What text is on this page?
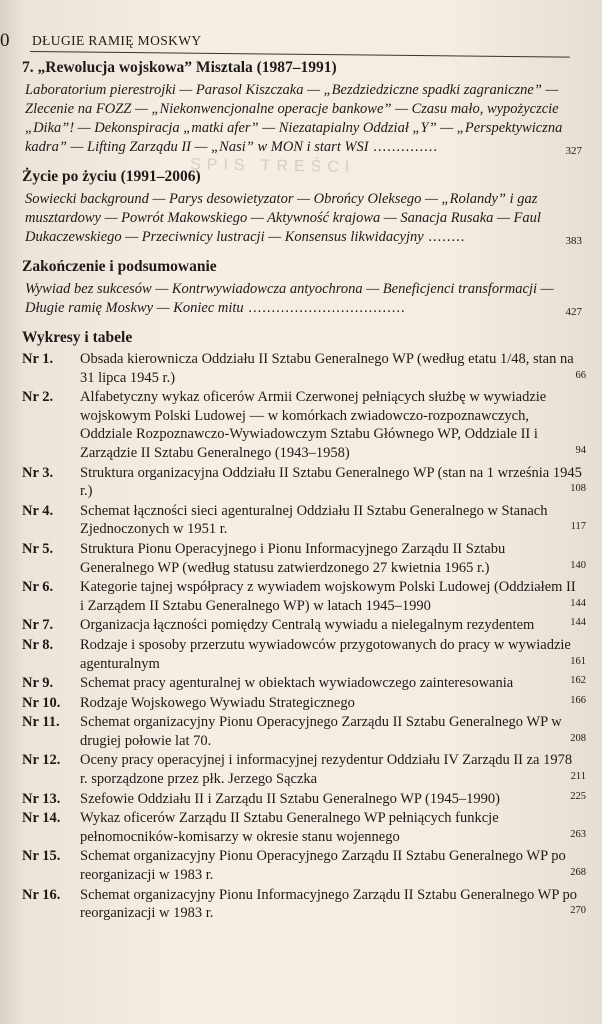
0 DŁUGIE RAMIĘ MOSKWY
SPIS TREŚCI

7. „Rewolucja wojskowa” Misztala (1987–1991)

Laboratorium pierestrojki — Parasol Kiszczaka — „Bezdziedziczne spadki zagraniczne” — Zlecenie na FOZZ — „Niekonwencjonalne operacje bankowe” — Czasu mało, wypożyczcie „Dika”! — Dekonspiracja „matki afer” — Niezatapialny Oddział „Y” — „Perspektywiczna kadra” — Lifting Zarządu II — „Nasi” w MON i start WSI ..............	327

Życie po życiu (1991–2006)

Sowiecki background — Parys desowietyzator — Obrońcy Oleksego — „Rolandy” i gaz musztardowy — Powrót Makowskiego — Aktywność krajowa — Sanacja Rusaka — Faul Dukaczewskiego — Przeciwnicy lustracji — Konsensus likwidacyjny ........	383

Zakończenie i podsumowanie

Wywiad bez sukcesów — Kontrwywiadowcza antyochrona — Beneficjenci transformacji — Długie ramię Moskwy — Koniec mitu ..................................	427

Wykresy i tabele

Nr 1. Obsada kierownicza Oddziału II Sztabu Generalnego WP (według etatu 1/48, stan na 31 lipca 1945 r.)	66
Nr 2. Alfabetyczny wykaz oficerów Armii Czerwonej pełniących służbę w wywiadzie wojskowym Polski Ludowej — w komórkach zwiadowczo-rozpoznawczych, Oddziale Rozpoznawczo-Wywiadowczym Sztabu Głównego WP, Oddziale II i Zarządzie II Sztabu Generalnego (1943–1958)	94
Nr 3. Struktura organizacyjna Oddziału II Sztabu Generalnego WP (stan na 1 września 1945 r.)	108
Nr 4. Schemat łączności sieci agenturalnej Oddziału II Sztabu Generalnego w Stanach Zjednoczonych w 1951 r.	117
Nr 5. Struktura Pionu Operacyjnego i Pionu Informacyjnego Zarządu II Sztabu Generalnego WP (według statusu zatwierdzonego 27 kwietnia 1965 r.)	140
Nr 6. Kategorie tajnej współpracy z wywiadem wojskowym Polski Ludowej (Oddziałem II i Zarządem II Sztabu Generalnego WP) w latach 1945–1990	144
Nr 7. Organizacja łączności pomiędzy Centralą wywiadu a nielegalnym rezydentem	144
Nr 8. Rodzaje i sposoby przerzutu wywiadowców przygotowanych do pracy w wywiadzie agenturalnym	161
Nr 9. Schemat pracy agenturalnej w obiektach wywiadowczego zainteresowania	162
Nr 10. Rodzaje Wojskowego Wywiadu Strategicznego	166
Nr 11. Schemat organizacyjny Pionu Operacyjnego Zarządu II Sztabu Generalnego WP w drugiej połowie lat 70.	208
Nr 12. Oceny pracy operacyjnej i informacyjnej rezydentur Oddziału IV Zarządu II za 1978 r. sporządzone przez płk. Jerzego Sączka	211
Nr 13. Szefowie Oddziału II i Zarządu II Sztabu Generalnego WP (1945–1990)	225
Nr 14. Wykaz oficerów Zarządu II Sztabu Generalnego WP pełniących funkcje pełnomocników-komisarzy w okresie stanu wojennego	263
Nr 15. Schemat organizacyjny Pionu Operacyjnego Zarządu II Sztabu Generalnego WP po reorganizacji w 1983 r.	268
Nr 16. Schemat organizacyjny Pionu Informacyjnego Zarządu II Sztabu Generalnego WP po reorganizacji w 1983 r.	270
